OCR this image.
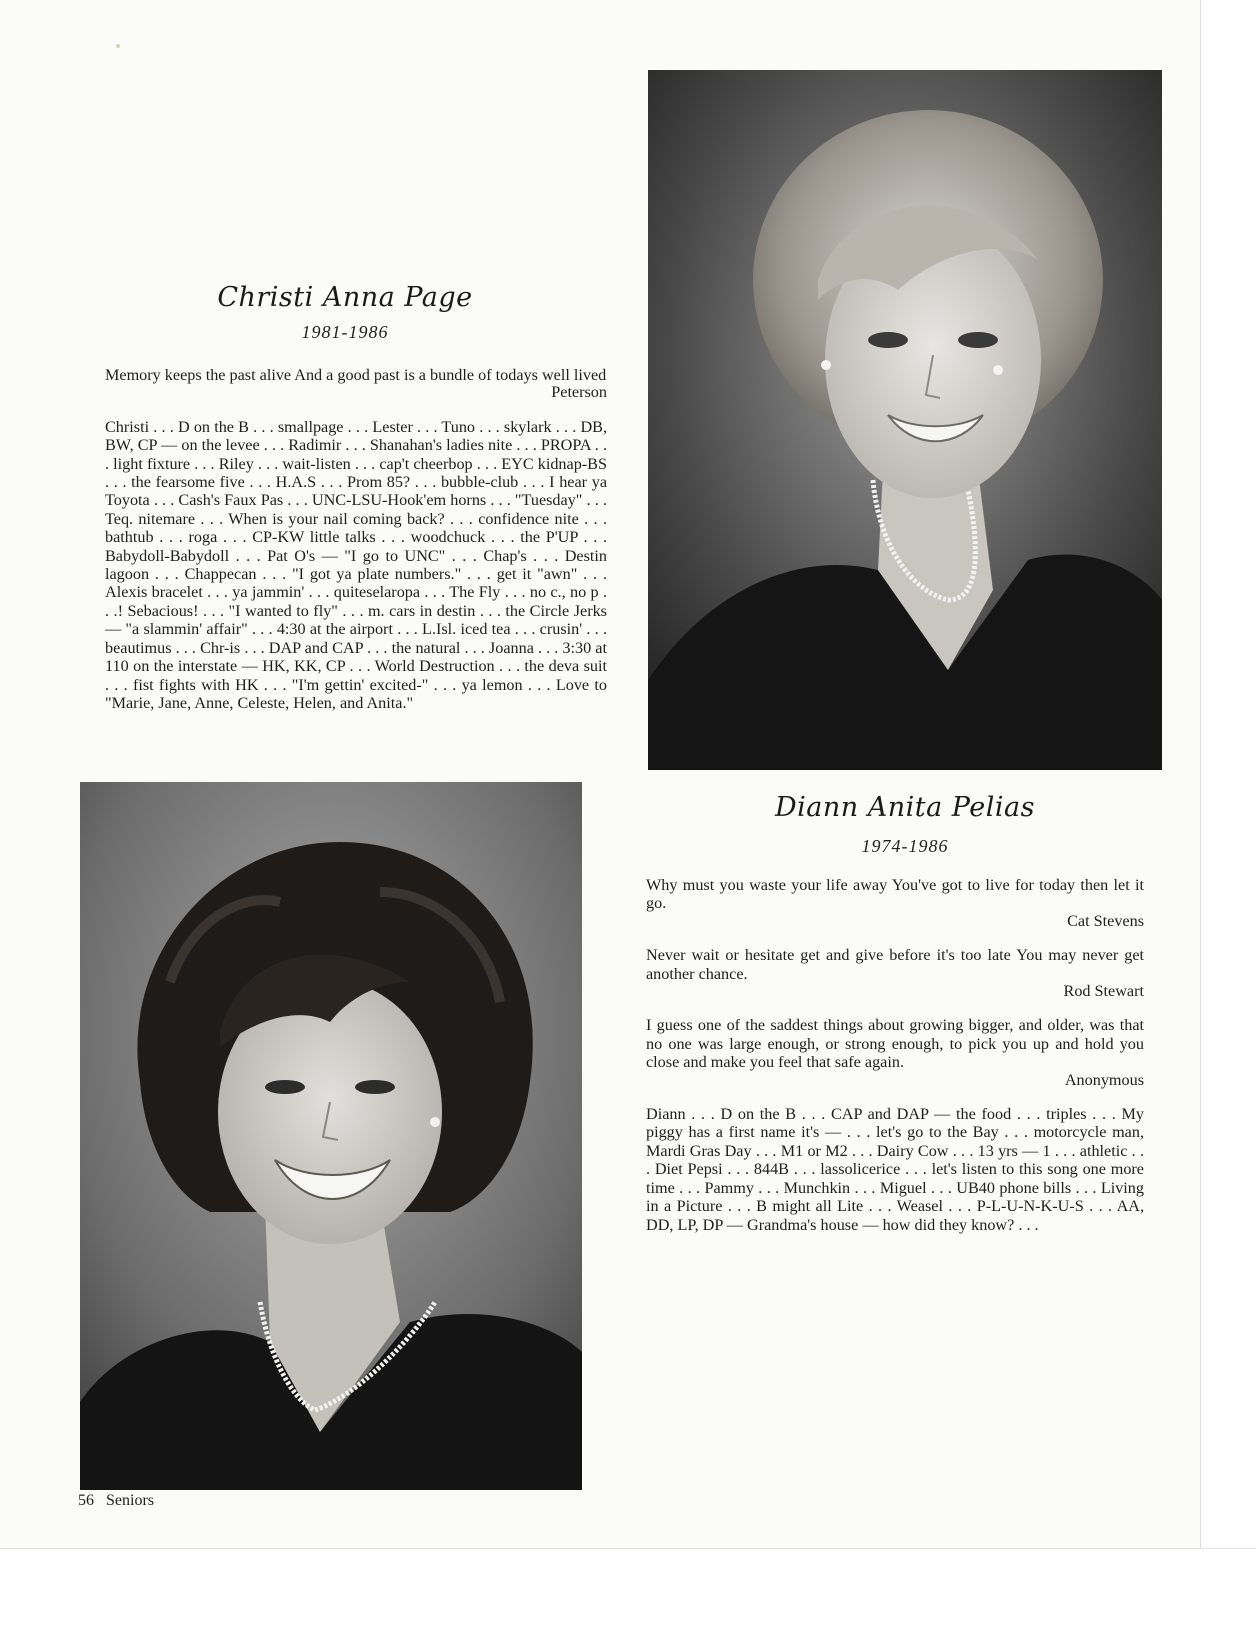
Christi Anna Page
1981-1986

Memory keeps the past alive And a good past is a bundle of todays well lived

Peterson

Christi . . . D on the B . . . smallpage . . . Lester . . . Tuno . . . skylark . . . DB, BW, CP — on the levee . . . Radimir . . . Shanahan's ladies nite . . . PROPA . . . light fixture . . . Riley . . . wait-listen . . . cap't cheerbop . . . EYC kidnap-BS . . . the fearsome five . . . H.A.S . . . Prom 85? . . . bubble-club . . . I hear ya Toyota . . . Cash's Faux Pas . . . UNC-LSU-Hook'em horns . . . "Tuesday" . . . Teq. nitemare . . . When is your nail coming back? . . . confidence nite . . . bathtub . . . roga . . . CP-KW little talks . . . woodchuck . . . the P'UP . . . Babydoll-Babydoll . . . Pat O's — "I go to UNC" . . . Chap's . . . Destin lagoon . . . Chappecan . . . "I got ya plate numbers." . . . get it "awn" . . . Alexis bracelet . . . ya jammin' . . . quiteselaropa . . . The Fly . . . no c., no p . . .! Sebacious! . . . "I wanted to fly" . . . m. cars in destin . . . the Circle Jerks — "a slammin' affair" . . . 4:30 at the airport . . . L.Isl. iced tea . . . crusin' . . . beautimus . . . Chr-is . . . DAP and CAP . . . the natural . . . Joanna . . . 3:30 at 110 on the interstate — HK, KK, CP . . . World Destruction . . . the deva suit . . . fist fights with HK . . . "I'm gettin' excited-" . . . ya lemon . . . Love to "Marie, Jane, Anne, Celeste, Helen, and Anita."

Diann Anita Pelias
1974-1986

Why must you waste your life away You've got to live for today then let it go.

Cat Stevens

Never wait or hesitate get and give before it's too late You may never get another chance.

Rod Stewart

I guess one of the saddest things about growing bigger, and older, was that no one was large enough, or strong enough, to pick you up and hold you close and make you feel that safe again.

Anonymous

Diann . . . D on the B . . . CAP and DAP — the food . . . triples . . . My piggy has a first name it's — . . . let's go to the Bay . . . motorcycle man, Mardi Gras Day . . . M1 or M2 . . . Dairy Cow . . . 13 yrs — 1 . . . athletic . . . Diet Pepsi . . . 844B . . . lassolicerice . . . let's listen to this song one more time . . . Pammy . . . Munchkin . . . Miguel . . . UB40 phone bills . . . Living in a Picture . . . B might all Lite . . . Weasel . . . P-L-U-N-K-U-S . . . AA, DD, LP, DP — Grandma's house — how did they know? . . .

56 Seniors
